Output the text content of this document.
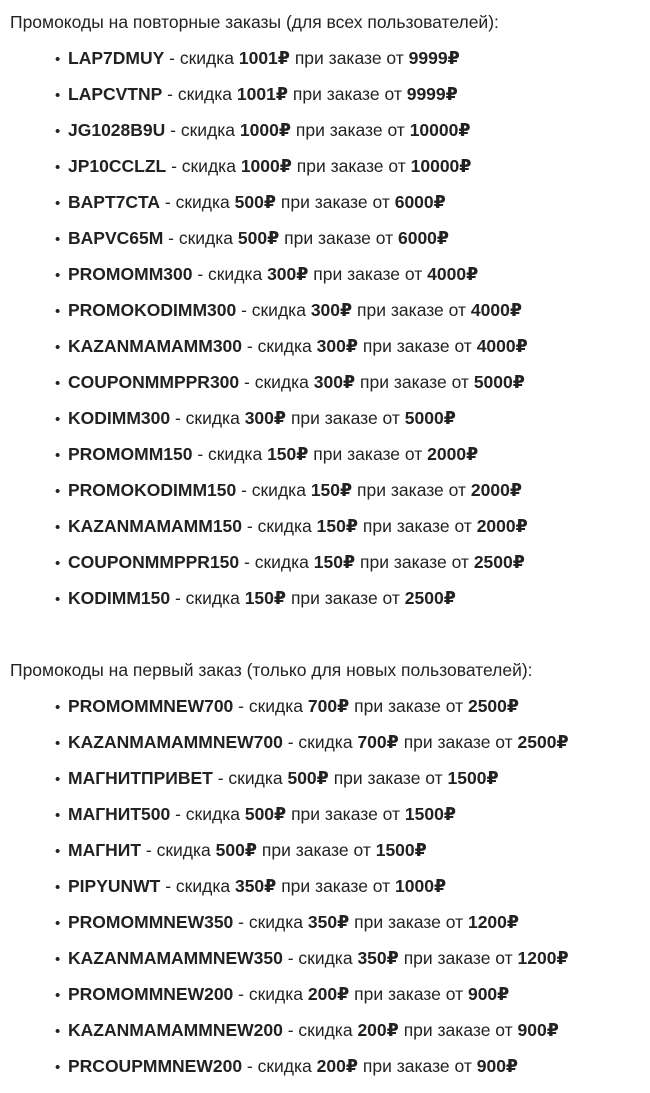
Промокоды на повторные заказы (для всех пользователей):
• LAP7DMUY - скидка 1001₽ при заказе от 9999₽
• LAPCVTNP - скидка 1001₽ при заказе от 9999₽
• JG1028B9U - скидка 1000₽ при заказе от 10000₽
• JP10CCLZL - скидка 1000₽ при заказе от 10000₽
• BAPT7CTA - скидка 500₽ при заказе от 6000₽
• BAPVC65M - скидка 500₽ при заказе от 6000₽
• PROMOMM300 - скидка 300₽ при заказе от 4000₽
• PROMOKODIMM300 - скидка 300₽ при заказе от 4000₽
• KAZANMAMAMM300 - скидка 300₽ при заказе от 4000₽
• COUPONMMPPR300 - скидка 300₽ при заказе от 5000₽
• KODIMM300 - скидка 300₽ при заказе от 5000₽
• PROMOMM150 - скидка 150₽ при заказе от 2000₽
• PROMOKODIMM150 - скидка 150₽ при заказе от 2000₽
• KAZANMAMAMM150 - скидка 150₽ при заказе от 2000₽
• COUPONMMPPR150 - скидка 150₽ при заказе от 2500₽
• KODIMM150 - скидка 150₽ при заказе от 2500₽
Промокоды на первый заказ (только для новых пользователей):
• PROMOMMNEW700 - скидка 700₽ при заказе от 2500₽
• KAZANMAMAMMNEW700 - скидка 700₽ при заказе от 2500₽
• МАГНИТПРИВЕТ - скидка 500₽ при заказе от 1500₽
• МАГНИТ500 - скидка 500₽ при заказе от 1500₽
• МАГНИТ - скидка 500₽ при заказе от 1500₽
• PIPYUNWT - скидка 350₽ при заказе от 1000₽
• PROMOMMNEW350 - скидка 350₽ при заказе от 1200₽
• KAZANMAMAMMNEW350 - скидка 350₽ при заказе от 1200₽
• PROMOMMNEW200 - скидка 200₽ при заказе от 900₽
• KAZANMAMAMMNEW200 - скидка 200₽ при заказе от 900₽
• PRCOUPMMNEW200 - скидка 200₽ при заказе от 900₽
